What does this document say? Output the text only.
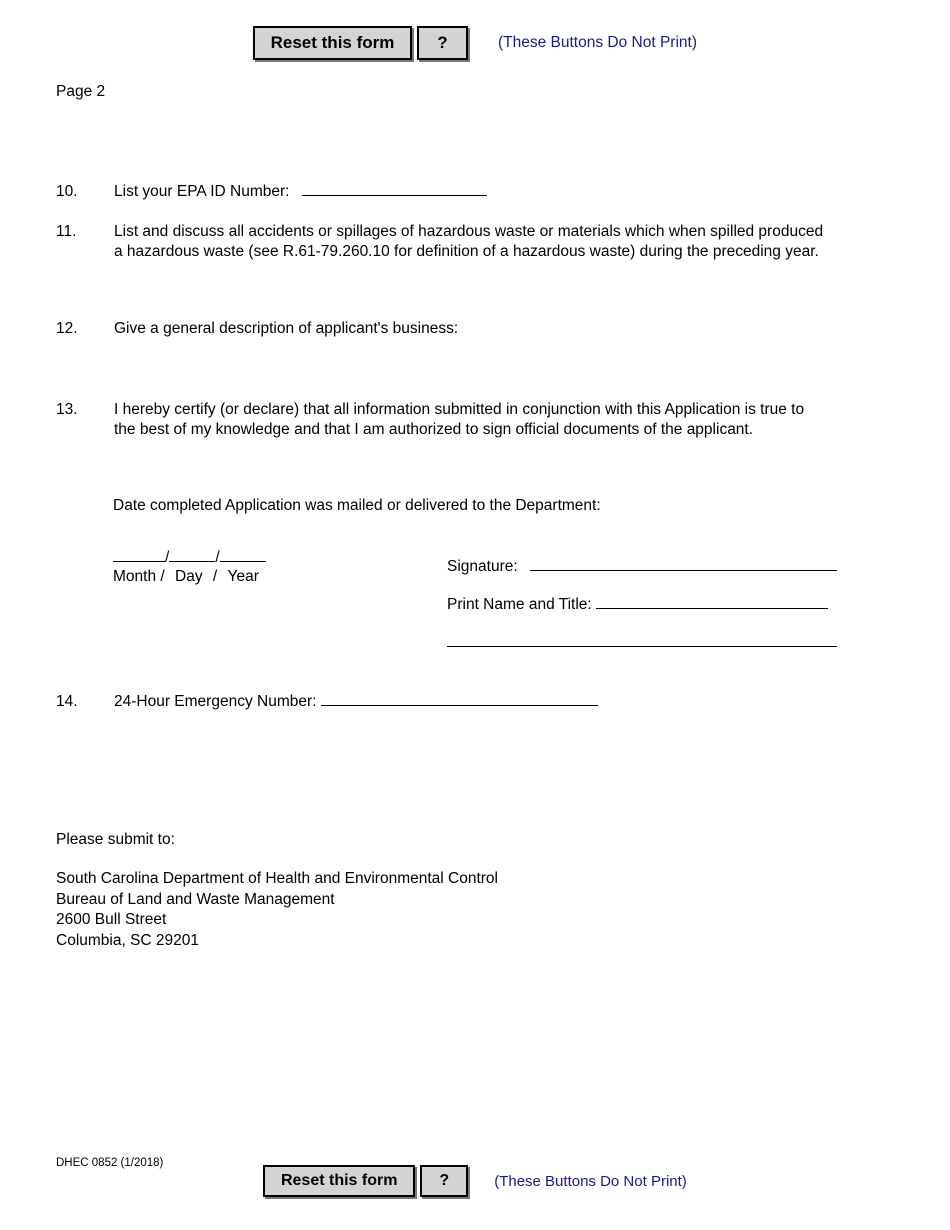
Reset this form	?	(These Buttons Do Not Print)
Page 2
10.	List your EPA ID Number:
11.	List and discuss all accidents or spillages of hazardous waste or materials which when spilled produced
a hazardous waste (see R.61-79.260.10 for definition of a hazardous waste) during the preceding year.
12.	Give a general description of applicant's business:
13.	I hereby certify (or declare) that all information submitted in conjunction with this Application is true to
the best of my knowledge and that I am authorized to sign official documents of the applicant.
Date completed Application was mailed or delivered to the Department:
/	/
Month / Day / Year
Signature:
Print Name and Title:
14.	24-Hour Emergency Number:
Please submit to:
South Carolina Department of Health and Environmental Control
Bureau of Land and Waste Management
2600 Bull Street
Columbia, SC 29201
DHEC 0852 (1/2018)
Reset this form	?	(These Buttons Do Not Print)
